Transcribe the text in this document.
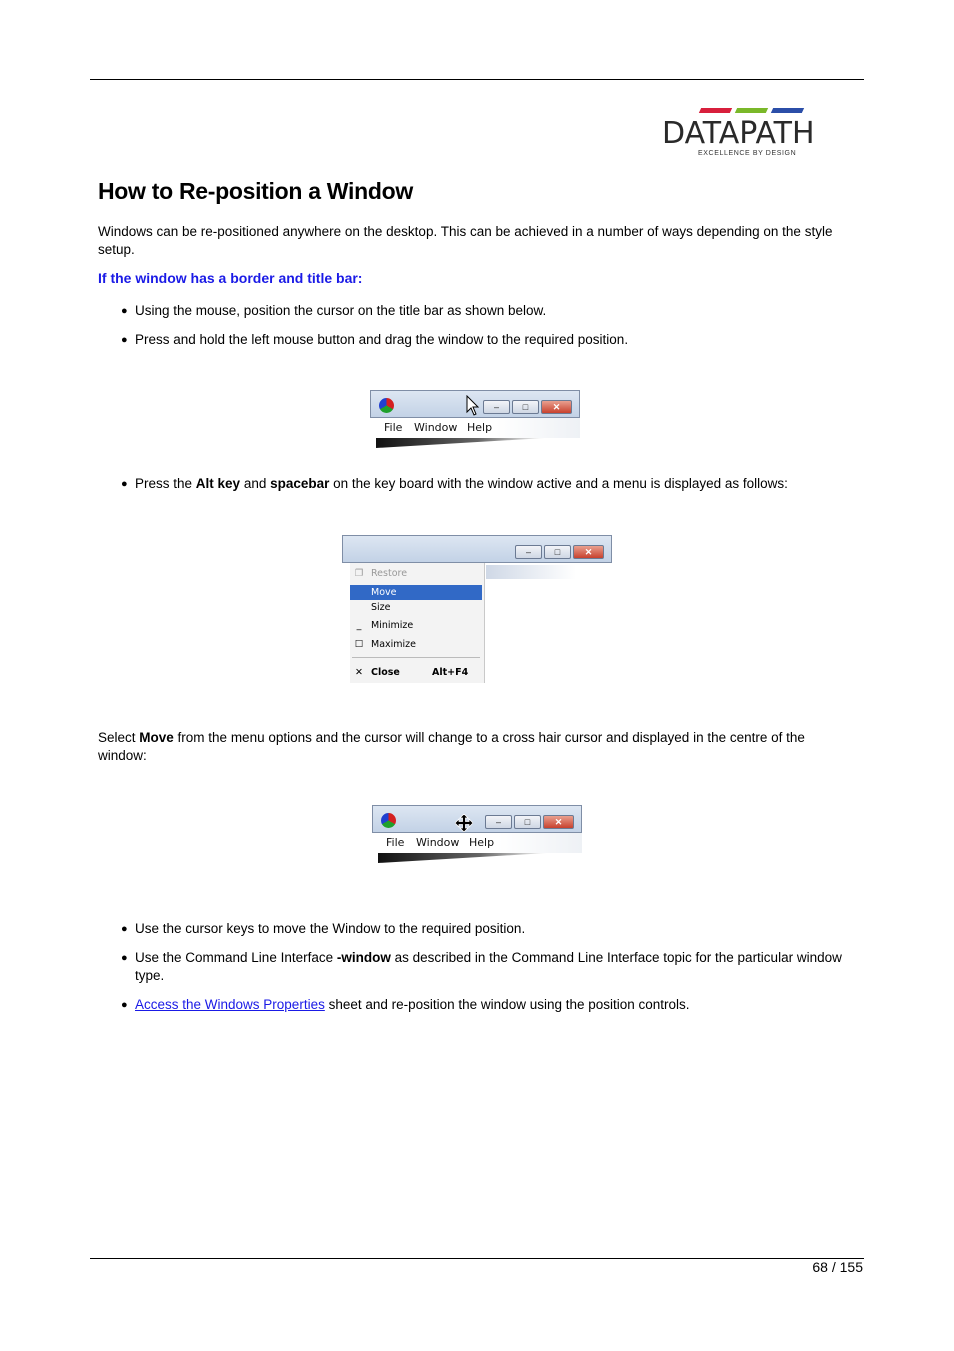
DATAPATH
EXCELLENCE BY DESIGN
How to Re-position a Window

Windows can be re-positioned anywhere on the desktop. This can be achieved in a number of ways depending on the style setup.

If the window has a border and title bar:

● Using the mouse, position the cursor on the title bar as shown below.
● Press and hold the left mouse button and drag the window to the required position.
–	□	✕
File Window Help
● Press the Alt key and spacebar on the key board with the window active and a menu is displayed as follows:
–	□	✕
❐ Restore
Move
Size
_ Minimize
☐ Maximize
✕ Close	Alt+F4

Select Move from the menu options and the cursor will change to a cross hair cursor and displayed in the centre of the window:

–	□	✕
File Window Help
● Use the cursor keys to move the Window to the required position.
● Use the Command Line Interface -window as described in the Command Line Interface topic for the particular window type.
● Access the Windows Properties sheet and re-position the window using the position controls.
68 / 155
